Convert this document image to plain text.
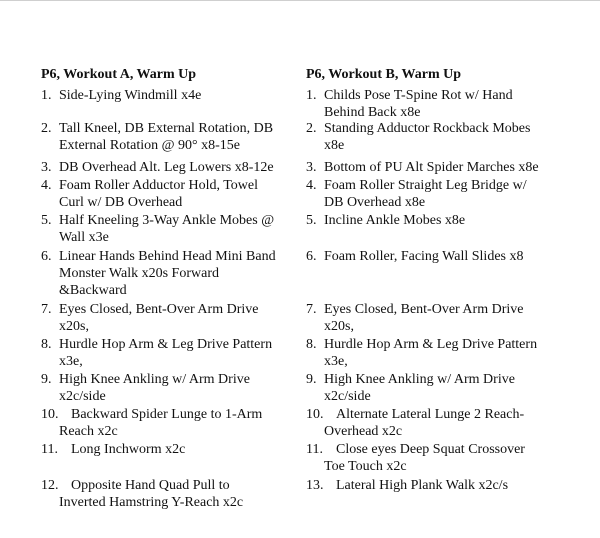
P6, Workout A, Warm Up
1. Side-Lying Windmill x4e
2. Tall Kneel, DB External Rotation, DB
External Rotation @ 90° x8-15e
3. DB Overhead Alt. Leg Lowers x8-12e
4. Foam Roller Adductor Hold, Towel
Curl w/ DB Overhead
5. Half Kneeling 3-Way Ankle Mobes @
Wall x3e
6. Linear Hands Behind Head Mini Band
Monster Walk x20s Forward
&Backward
7. Eyes Closed, Bent-Over Arm Drive
x20s,
8. Hurdle Hop Arm & Leg Drive Pattern
x3e,
9. High Knee Ankling w/ Arm Drive
x2c/side
10. Backward Spider Lunge to 1-Arm
Reach x2c
11. Long Inchworm x2c
12. Opposite Hand Quad Pull to
Inverted Hamstring Y-Reach x2c
P6, Workout B, Warm Up
1. Childs Pose T-Spine Rot w/ Hand
Behind Back x8e
2. Standing Adductor Rockback Mobes
x8e
3. Bottom of PU Alt Spider Marches x8e
4. Foam Roller Straight Leg Bridge w/
DB Overhead x8e
5. Incline Ankle Mobes x8e
6. Foam Roller, Facing Wall Slides x8
7. Eyes Closed, Bent-Over Arm Drive
x20s,
8. Hurdle Hop Arm & Leg Drive Pattern
x3e,
9. High Knee Ankling w/ Arm Drive
x2c/side
10. Alternate Lateral Lunge 2 Reach-
Overhead x2c
11. Close eyes Deep Squat Crossover
Toe Touch x2c
13. Lateral High Plank Walk x2c/s
